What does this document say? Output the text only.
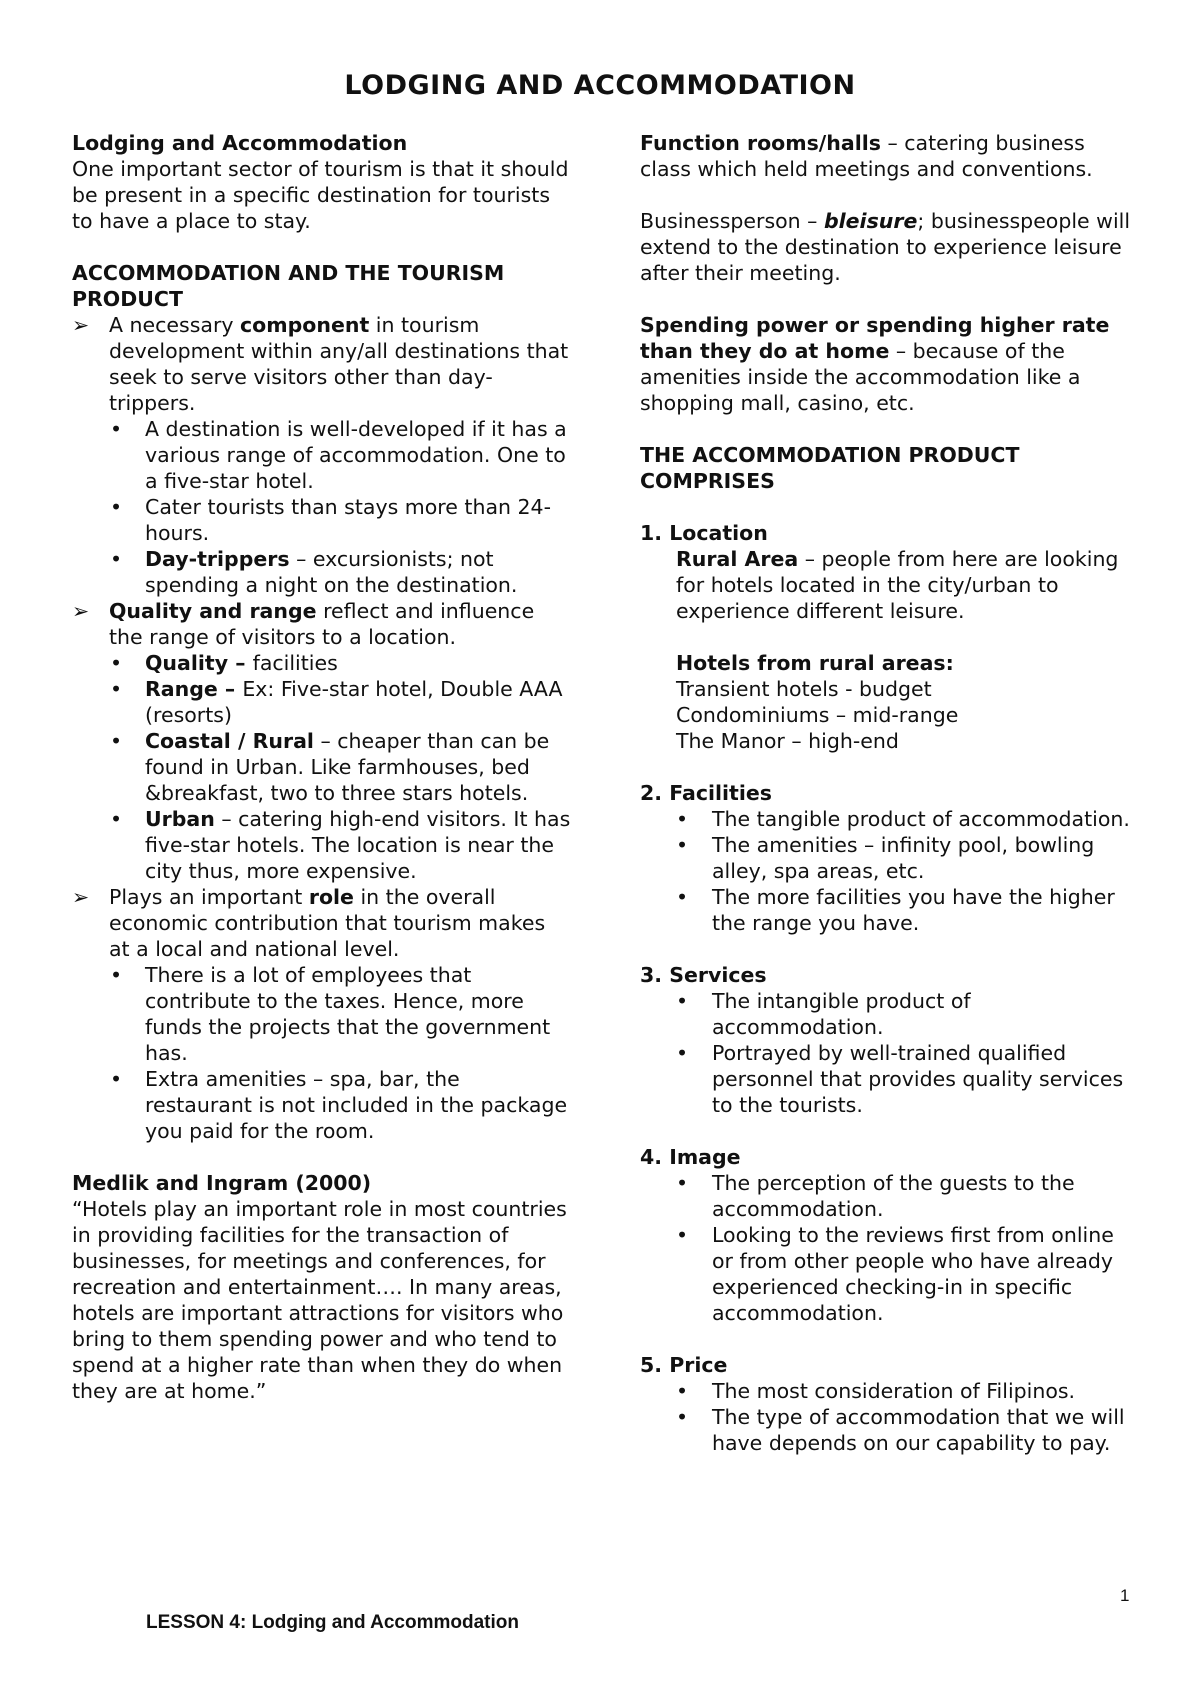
LODGING AND ACCOMMODATION

Lodging and Accommodation

One important sector of tourism is that it should be present in a specific destination for tourists to have a place to stay.

ACCOMMODATION AND THE TOURISM PRODUCT

➢ A necessary component in tourism development within any/all destinations that seek to serve visitors other than day-trippers.
• A destination is well-developed if it has a various range of accommodation. One to a five-star hotel.
• Cater tourists than stays more than 24-hours.
• Day-trippers – excursionists; not spending a night on the destination.
➢ Quality and range reflect and influence the range of visitors to a location.
• Quality – facilities
• Range – Ex: Five-star hotel, Double AAA (resorts)
• Coastal / Rural – cheaper than can be found in Urban. Like farmhouses, bed &breakfast, two to three stars hotels.
• Urban – catering high-end visitors. It has five-star hotels. The location is near the city thus, more expensive.
➢ Plays an important role in the overall economic contribution that tourism makes at a local and national level.
• There is a lot of employees that contribute to the taxes. Hence, more funds the projects that the government has.
• Extra amenities – spa, bar, the restaurant is not included in the package you paid for the room.

Medlik and Ingram (2000)

“Hotels play an important role in most countries in providing facilities for the transaction of businesses, for meetings and conferences, for recreation and entertainment…. In many areas, hotels are important attractions for visitors who bring to them spending power and who tend to spend at a higher rate than when they do when they are at home.”

Function rooms/halls – catering business class which held meetings and conventions.

Businessperson – bleisure; businesspeople will extend to the destination to experience leisure after their meeting.

Spending power or spending higher rate than they do at home – because of the amenities inside the accommodation like a shopping mall, casino, etc.

THE ACCOMMODATION PRODUCT COMPRISES

1. Location

Rural Area – people from here are looking for hotels located in the city/urban to experience different leisure.

Hotels from rural areas:

Transient hotels - budget

Condominiums – mid-range

The Manor – high-end

2. Facilities

• The tangible product of accommodation.
• The amenities – infinity pool, bowling alley, spa areas, etc.
• The more facilities you have the higher the range you have.

3. Services

• The intangible product of accommodation.
• Portrayed by well-trained qualified personnel that provides quality services to the tourists.

4. Image

• The perception of the guests to the accommodation.
• Looking to the reviews first from online or from other people who have already experienced checking-in in specific accommodation.

5. Price

• The most consideration of Filipinos.
• The type of accommodation that we will have depends on our capability to pay.
1
LESSON 4: Lodging and Accommodation
